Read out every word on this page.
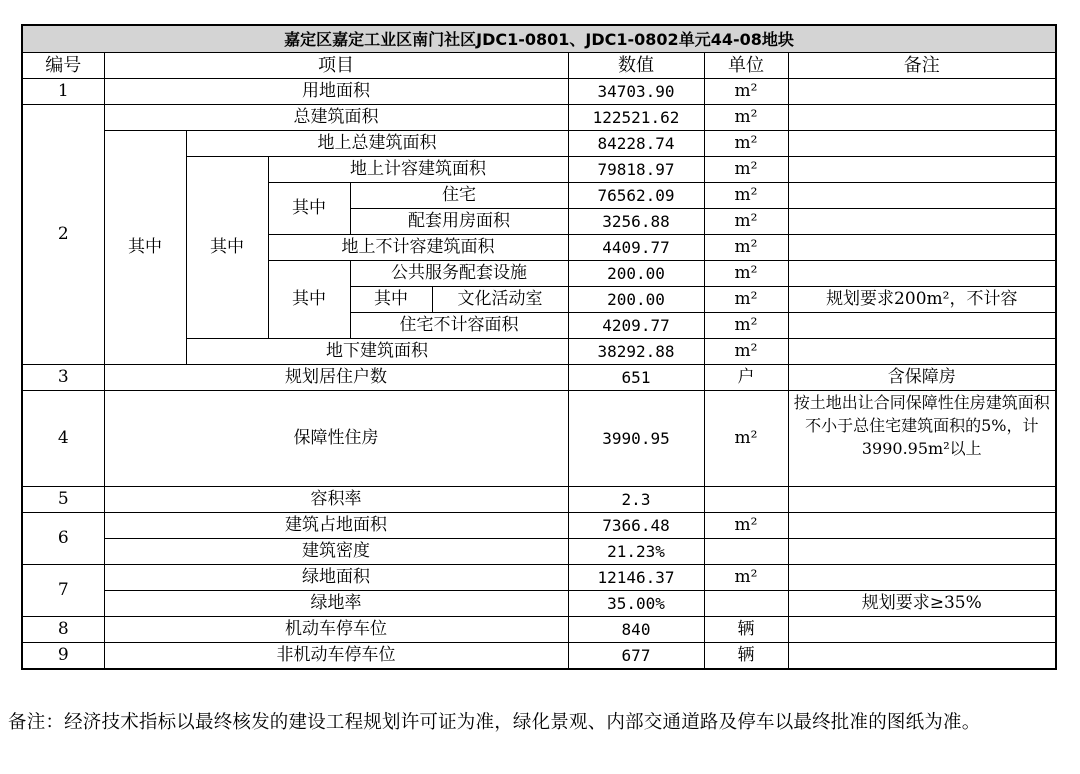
嘉定区嘉定工业区南门社区JDC1-0801、JDC1-0802单元44-08地块								
编号	项目					数值	单位	备注
1	用地面积					34703.90	m²	
2	总建筑面积					122521.62	m²	
	其中	地上总建筑面积				84228.74	m²	
		其中	地上计容建筑面积			79818.97	m²	
			其中	住宅		76562.09	m²	
				配套用房面积		3256.88	m²	
			地上不计容建筑面积			4409.77	m²	
			其中	公共服务配套设施		200.00	m²	
				其中	文化活动室	200.00	m²	规划要求200m²，不计容
				住宅不计容面积		4209.77	m²	
		地下建筑面积				38292.88	m²	
3	规划居住户数					651	户	含保障房
4	保障性住房					3990.95	m²	按土地出让合同保障性住房建筑面积不小于总住宅建筑面积的5%，计3990.95m²以上
5	容积率					2.3		
6	建筑占地面积					7366.48	m²	
	建筑密度					21.23%		
7	绿地面积					12146.37	m²	
	绿地率					35.00%		规划要求≥35%
8	机动车停车位					840	辆	
9	非机动车停车位					677	辆	
备注：经济技术指标以最终核发的建设工程规划许可证为准，绿化景观、内部交通道路及停车以最终批准的图纸为准。
